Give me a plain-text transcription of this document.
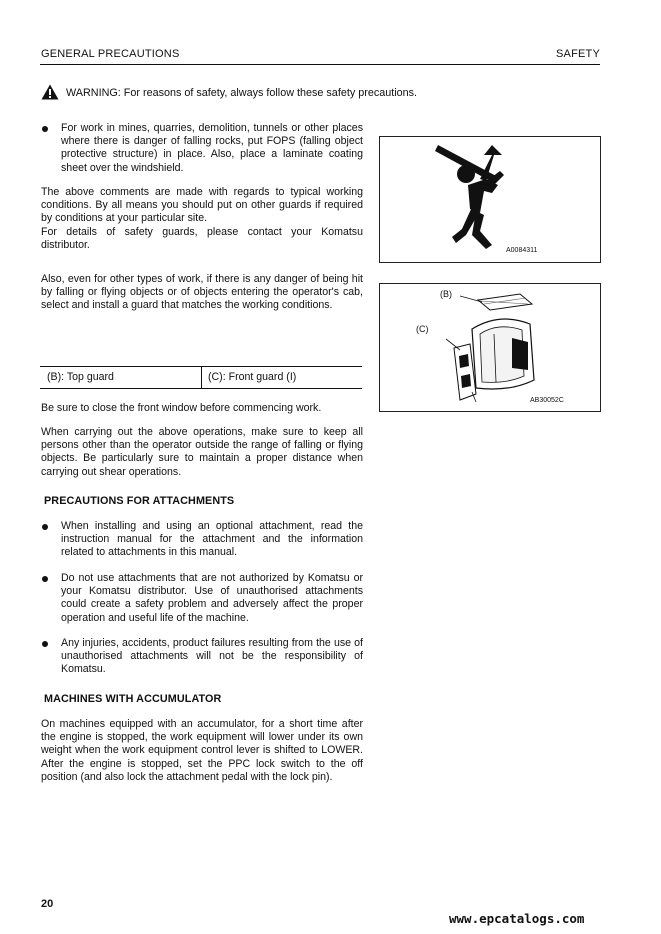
GENERAL PRECAUTIONS	SAFETY
WARNING: For reasons of safety, always follow these safety precautions.

For work in mines, quarries, demolition, tunnels or other places where there is danger of falling rocks, put FOPS (falling object protective structure) in place. Also, place a laminate coating sheet over the windshield.

The above comments are made with regards to typical working conditions. By all means you should put on other guards if required by conditions at your particular site.

For details of safety guards, please contact your Komatsu distributor.

Also, even for other types of work, if there is any danger of being hit by falling or flying objects or of objects entering the operator's cab, select and install a guard that matches the working conditions.

(B): Top guard	(C): Front guard (I)

Be sure to close the front window before commencing work.

When carrying out the above operations, make sure to keep all persons other than the operator outside the range of falling or flying objects. Be particularly sure to maintain a proper distance when carrying out shear operations.

PRECAUTIONS FOR ATTACHMENTS

When installing and using an optional attachment, read the instruction manual for the attachment and the information related to attachments in this manual.

Do not use attachments that are not authorized by Komatsu or your Komatsu distributor. Use of unauthorised attachments could create a safety problem and adversely affect the proper operation and useful life of the machine.

Any injuries, accidents, product failures resulting from the use of unauthorised attachments will not be the responsibility of Komatsu.

MACHINES WITH ACCUMULATOR

On machines equipped with an accumulator, for a short time after the engine is stopped, the work equipment will lower under its own weight when the work equipment control lever is shifted to LOWER. After the engine is stopped, set the PPC lock switch to the off position (and also lock the attachment pedal with the lock pin).

A0084311
(B)
(C)
AB30052C
20
www.epcatalogs.com
